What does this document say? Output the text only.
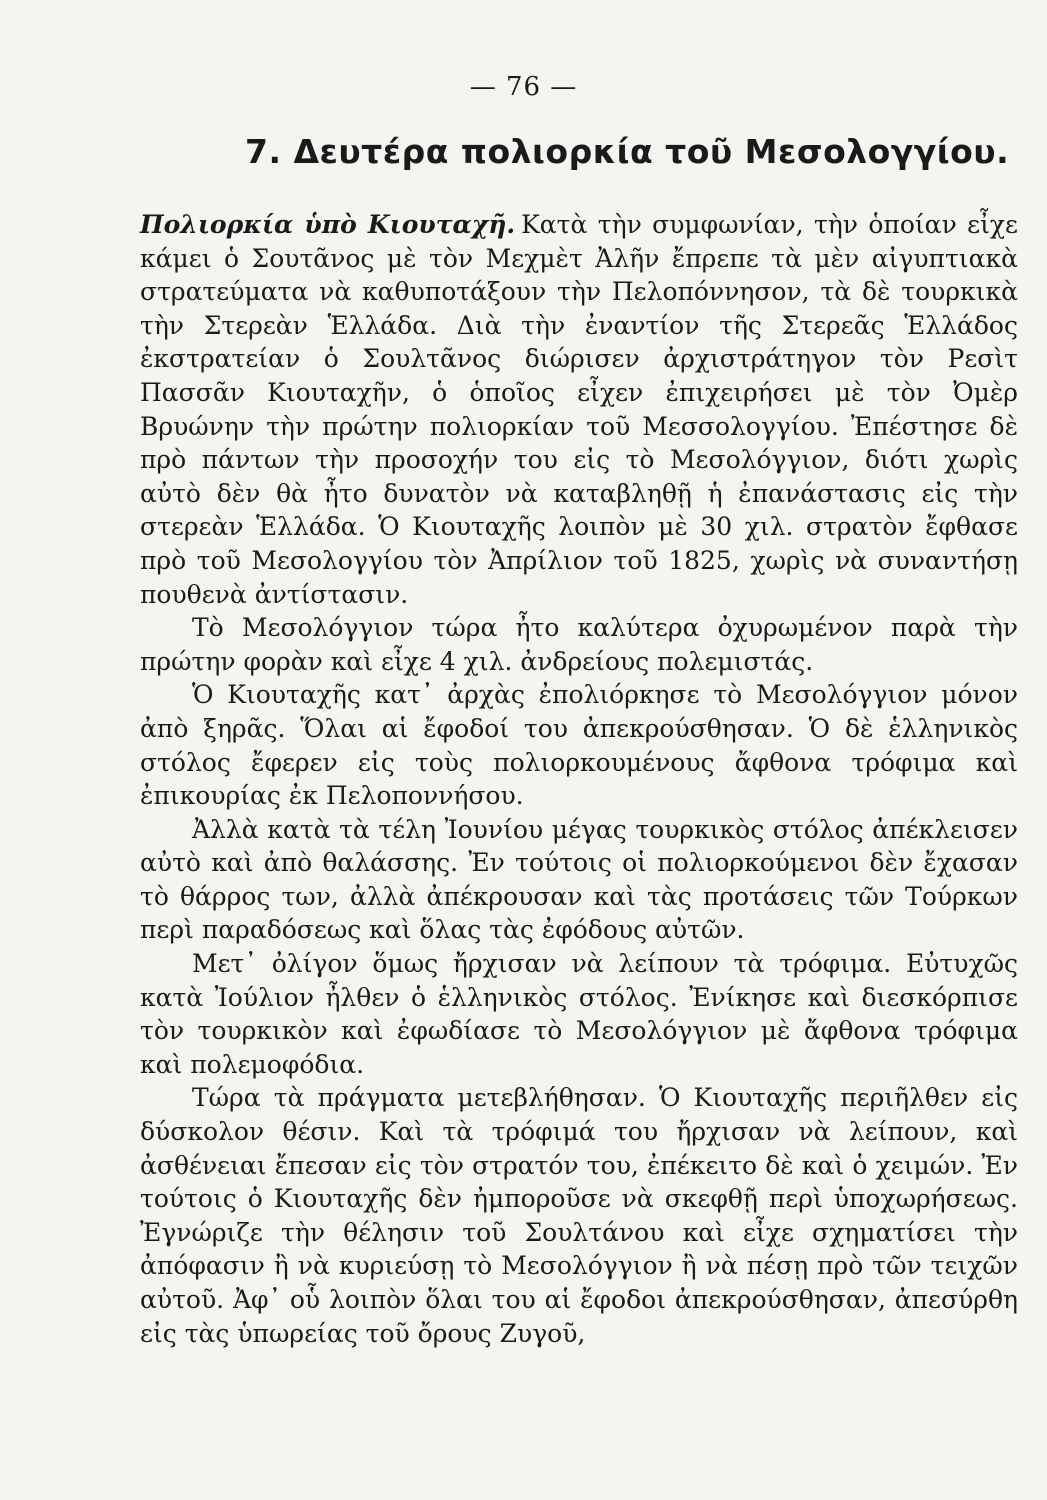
— 76 —
7. Δευτέρα πολιορκία τοῦ Μεσολογγίου.

Πολιορκία ὑπὸ Κιουταχῆ. Κατὰ τὴν συμφωνίαν, τὴν ὁποίαν εἶχε κάμει ὁ Σουτᾶνος μὲ τὸν Μεχμὲτ Ἀλῆν ἔπρεπε τὰ μὲν αἰγυπτιακὰ στρατεύματα νὰ καθυποτάξουν τὴν Πελοπόννησον, τὰ δὲ τουρκικὰ τὴν Στερεὰν Ἑλλάδα. Διὰ τὴν ἐναντίον τῆς Στερεᾶς Ἑλλάδος ἐκστρατείαν ὁ Σουλτᾶνος διώρισεν ἀρχιστράτηγον τὸν Ρεσὶτ Πασσᾶν Κιουταχῆν, ὁ ὁποῖος εἶχεν ἐπιχειρήσει μὲ τὸν Ὀμὲρ Βρυώνην τὴν πρώτην πολιορκίαν τοῦ Μεσσολογγίου. Ἐπέστησε δὲ πρὸ πάντων τὴν προσοχήν του εἰς τὸ Μεσολόγγιον, διότι χωρὶς αὐτὸ δὲν θὰ ἦτο δυνατὸν νὰ καταβληθῇ ἡ ἐπανάστασις εἰς τὴν στερεὰν Ἑλλάδα. Ὁ Κιουταχῆς λοιπὸν μὲ 30 χιλ. στρατὸν ἔφθασε πρὸ τοῦ Μεσολογγίου τὸν Ἀπρίλιον τοῦ 1825, χωρὶς νὰ συναντήσῃ πουθενὰ ἀντίστασιν.

Τὸ Μεσολόγγιον τώρα ἦτο καλύτερα ὀχυρωμένον παρὰ τὴν πρώτην φορὰν καὶ εἶχε 4 χιλ. ἀνδρείους πολεμιστάς.

Ὁ Κιουταχῆς κατ᾽ ἀρχὰς ἐπολιόρκησε τὸ Μεσολόγγιον μόνον ἀπὸ ξηρᾶς. Ὅλαι αἱ ἔφοδοί του ἀπεκρούσθησαν. Ὁ δὲ ἑλληνικὸς στόλος ἔφερεν εἰς τοὺς πολιορκουμένους ἄφθονα τρόφιμα καὶ ἐπικουρίας ἐκ Πελοποννήσου.

Ἀλλὰ κατὰ τὰ τέλη Ἰουνίου μέγας τουρκικὸς στόλος ἀπέκλεισεν αὐτὸ καὶ ἀπὸ θαλάσσης. Ἐν τούτοις οἱ πολιορκούμενοι δὲν ἔχασαν τὸ θάρρος των, ἀλλὰ ἀπέκρουσαν καὶ τὰς προτάσεις τῶν Τούρκων περὶ παραδόσεως καὶ ὅλας τὰς ἐφόδους αὐτῶν.

Μετ᾽ ὀλίγον ὅμως ἤρχισαν νὰ λείπουν τὰ τρόφιμα. Εὐτυχῶς κατὰ Ἰούλιον ἦλθεν ὁ ἑλληνικὸς στόλος. Ἐνίκησε καὶ διεσκόρπισε τὸν τουρκικὸν καὶ ἐφωδίασε τὸ Μεσολόγγιον μὲ ἄφθονα τρόφιμα καὶ πολεμοφόδια.

Τώρα τὰ πράγματα μετεβλήθησαν. Ὁ Κιουταχῆς περιῆλθεν εἰς δύσκολον θέσιν. Καὶ τὰ τρόφιμά του ἤρχισαν νὰ λείπουν, καὶ ἀσθένειαι ἔπεσαν εἰς τὸν στρατόν του, ἐπέκειτο δὲ καὶ ὁ χειμών. Ἐν τούτοις ὁ Κιουταχῆς δὲν ἠμποροῦσε νὰ σκεφθῇ περὶ ὑποχωρήσεως. Ἐγνώριζε τὴν θέλησιν τοῦ Σουλτάνου καὶ εἶχε σχηματίσει τὴν ἀπόφασιν ἢ νὰ κυριεύσῃ τὸ Μεσολόγγιον ἢ νὰ πέσῃ πρὸ τῶν τειχῶν αὐτοῦ. Ἀφ᾽ οὗ λοιπὸν ὅλαι του αἱ ἔφοδοι ἀπεκρούσθησαν, ἀπεσύρθη εἰς τὰς ὑπωρείας τοῦ ὄρους Ζυγοῦ,
